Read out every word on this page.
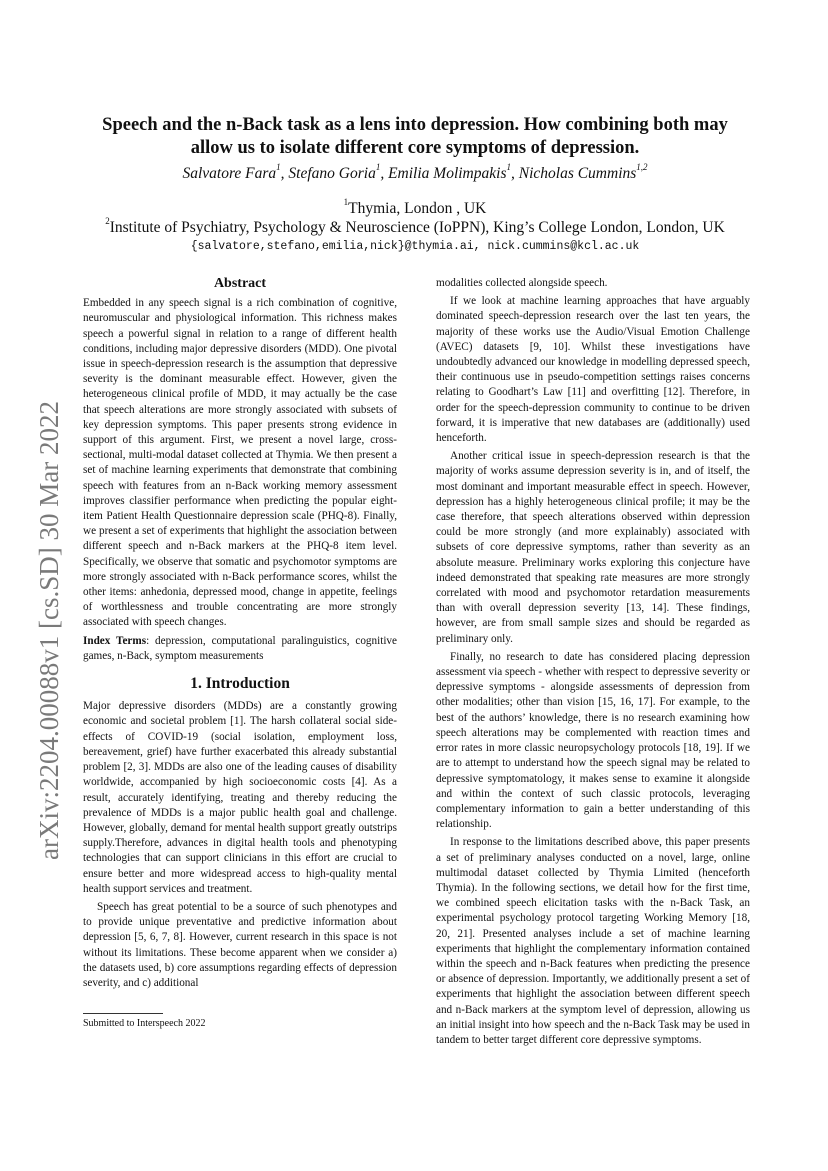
arXiv:2204.00088v1 [cs.SD] 30 Mar 2022
Speech and the n-Back task as a lens into depression. How combining both may allow us to isolate different core symptoms of depression.
Salvatore Fara$^1$, Stefano Goria$^1$, Emilia Molimpakis$^1$, Nicholas Cummins$^{1,2}$
$^1$Thymia, London , UK
$^2$Institute of Psychiatry, Psychology & Neuroscience (IoPPN), King’s College London, London, UK
{salvatore,stefano,emilia,nick}@thymia.ai, nick.cummins@kcl.ac.uk
Abstract

Embedded in any speech signal is a rich combination of cognitive, neuromuscular and physiological information. This richness makes speech a powerful signal in relation to a range of different health conditions, including major depressive disorders (MDD). One pivotal issue in speech-depression research is the assumption that depressive severity is the dominant measurable effect. However, given the heterogeneous clinical profile of MDD, it may actually be the case that speech alterations are more strongly associated with subsets of key depression symptoms. This paper presents strong evidence in support of this argument. First, we present a novel large, cross-sectional, multi-modal dataset collected at Thymia. We then present a set of machine learning experiments that demonstrate that combining speech with features from an n-Back working memory assessment improves classifier performance when predicting the popular eight-item Patient Health Questionnaire depression scale (PHQ-8). Finally, we present a set of experiments that highlight the association between different speech and n-Back markers at the PHQ-8 item level. Specifically, we observe that somatic and psychomotor symptoms are more strongly associated with n-Back performance scores, whilst the other items: anhedonia, depressed mood, change in appetite, feelings of worthlessness and trouble concentrating are more strongly associated with speech changes.

Index Terms: depression, computational paralinguistics, cognitive games, n-Back, symptom measurements

1. Introduction

Major depressive disorders (MDDs) are a constantly growing economic and societal problem [1]. The harsh collateral social side-effects of COVID-19 (social isolation, employment loss, bereavement, grief) have further exacerbated this already substantial problem [2, 3]. MDDs are also one of the leading causes of disability worldwide, accompanied by high socioeconomic costs [4]. As a result, accurately identifying, treating and thereby reducing the prevalence of MDDs is a major public health goal and challenge. However, globally, demand for mental health support greatly outstrips supply.Therefore, advances in digital health tools and phenotyping technologies that can support clinicians in this effort are crucial to ensure better and more widespread access to high-quality mental health support services and treatment.

Speech has great potential to be a source of such phenotypes and to provide unique preventative and predictive information about depression [5, 6, 7, 8]. However, current research in this space is not without its limitations. These become apparent when we consider a) the datasets used, b) core assumptions regarding effects of depression severity, and c) additional

modalities collected alongside speech.

If we look at machine learning approaches that have arguably dominated speech-depression research over the last ten years, the majority of these works use the Audio/Visual Emotion Challenge (AVEC) datasets [9, 10]. Whilst these investigations have undoubtedly advanced our knowledge in modelling depressed speech, their continuous use in pseudo-competition settings raises concerns relating to Goodhart’s Law [11] and overfitting [12]. Therefore, in order for the speech-depression community to continue to be driven forward, it is imperative that new databases are (additionally) used henceforth.

Another critical issue in speech-depression research is that the majority of works assume depression severity is in, and of itself, the most dominant and important measurable effect in speech. However, depression has a highly heterogeneous clinical profile; it may be the case therefore, that speech alterations observed within depression could be more strongly (and more explainably) associated with subsets of core depressive symptoms, rather than severity as an absolute measure. Preliminary works exploring this conjecture have indeed demonstrated that speaking rate measures are more strongly correlated with mood and psychomotor retardation measurements than with overall depression severity [13, 14]. These findings, however, are from small sample sizes and should be regarded as preliminary only.

Finally, no research to date has considered placing depression assessment via speech - whether with respect to depressive severity or depressive symptoms - alongside assessments of depression from other modalities; other than vision [15, 16, 17]. For example, to the best of the authors’ knowledge, there is no research examining how speech alterations may be complemented with reaction times and error rates in more classic neuropsychology protocols [18, 19]. If we are to attempt to understand how the speech signal may be related to depressive symptomatology, it makes sense to examine it alongside and within the context of such classic protocols, leveraging complementary information to gain a better understanding of this relationship.

In response to the limitations described above, this paper presents a set of preliminary analyses conducted on a novel, large, online multimodal dataset collected by Thymia Limited (henceforth Thymia). In the following sections, we detail how for the first time, we combined speech elicitation tasks with the n-Back Task, an experimental psychology protocol targeting Working Memory [18, 20, 21]. Presented analyses include a set of machine learning experiments that highlight the complementary information contained within the speech and n-Back features when predicting the presence or absence of depression. Importantly, we additionally present a set of experiments that highlight the association between different speech and n-Back markers at the symptom level of depression, allowing us an initial insight into how speech and the n-Back Task may be used in tandem to better target different core depressive symptoms.

Submitted to Interspeech 2022
